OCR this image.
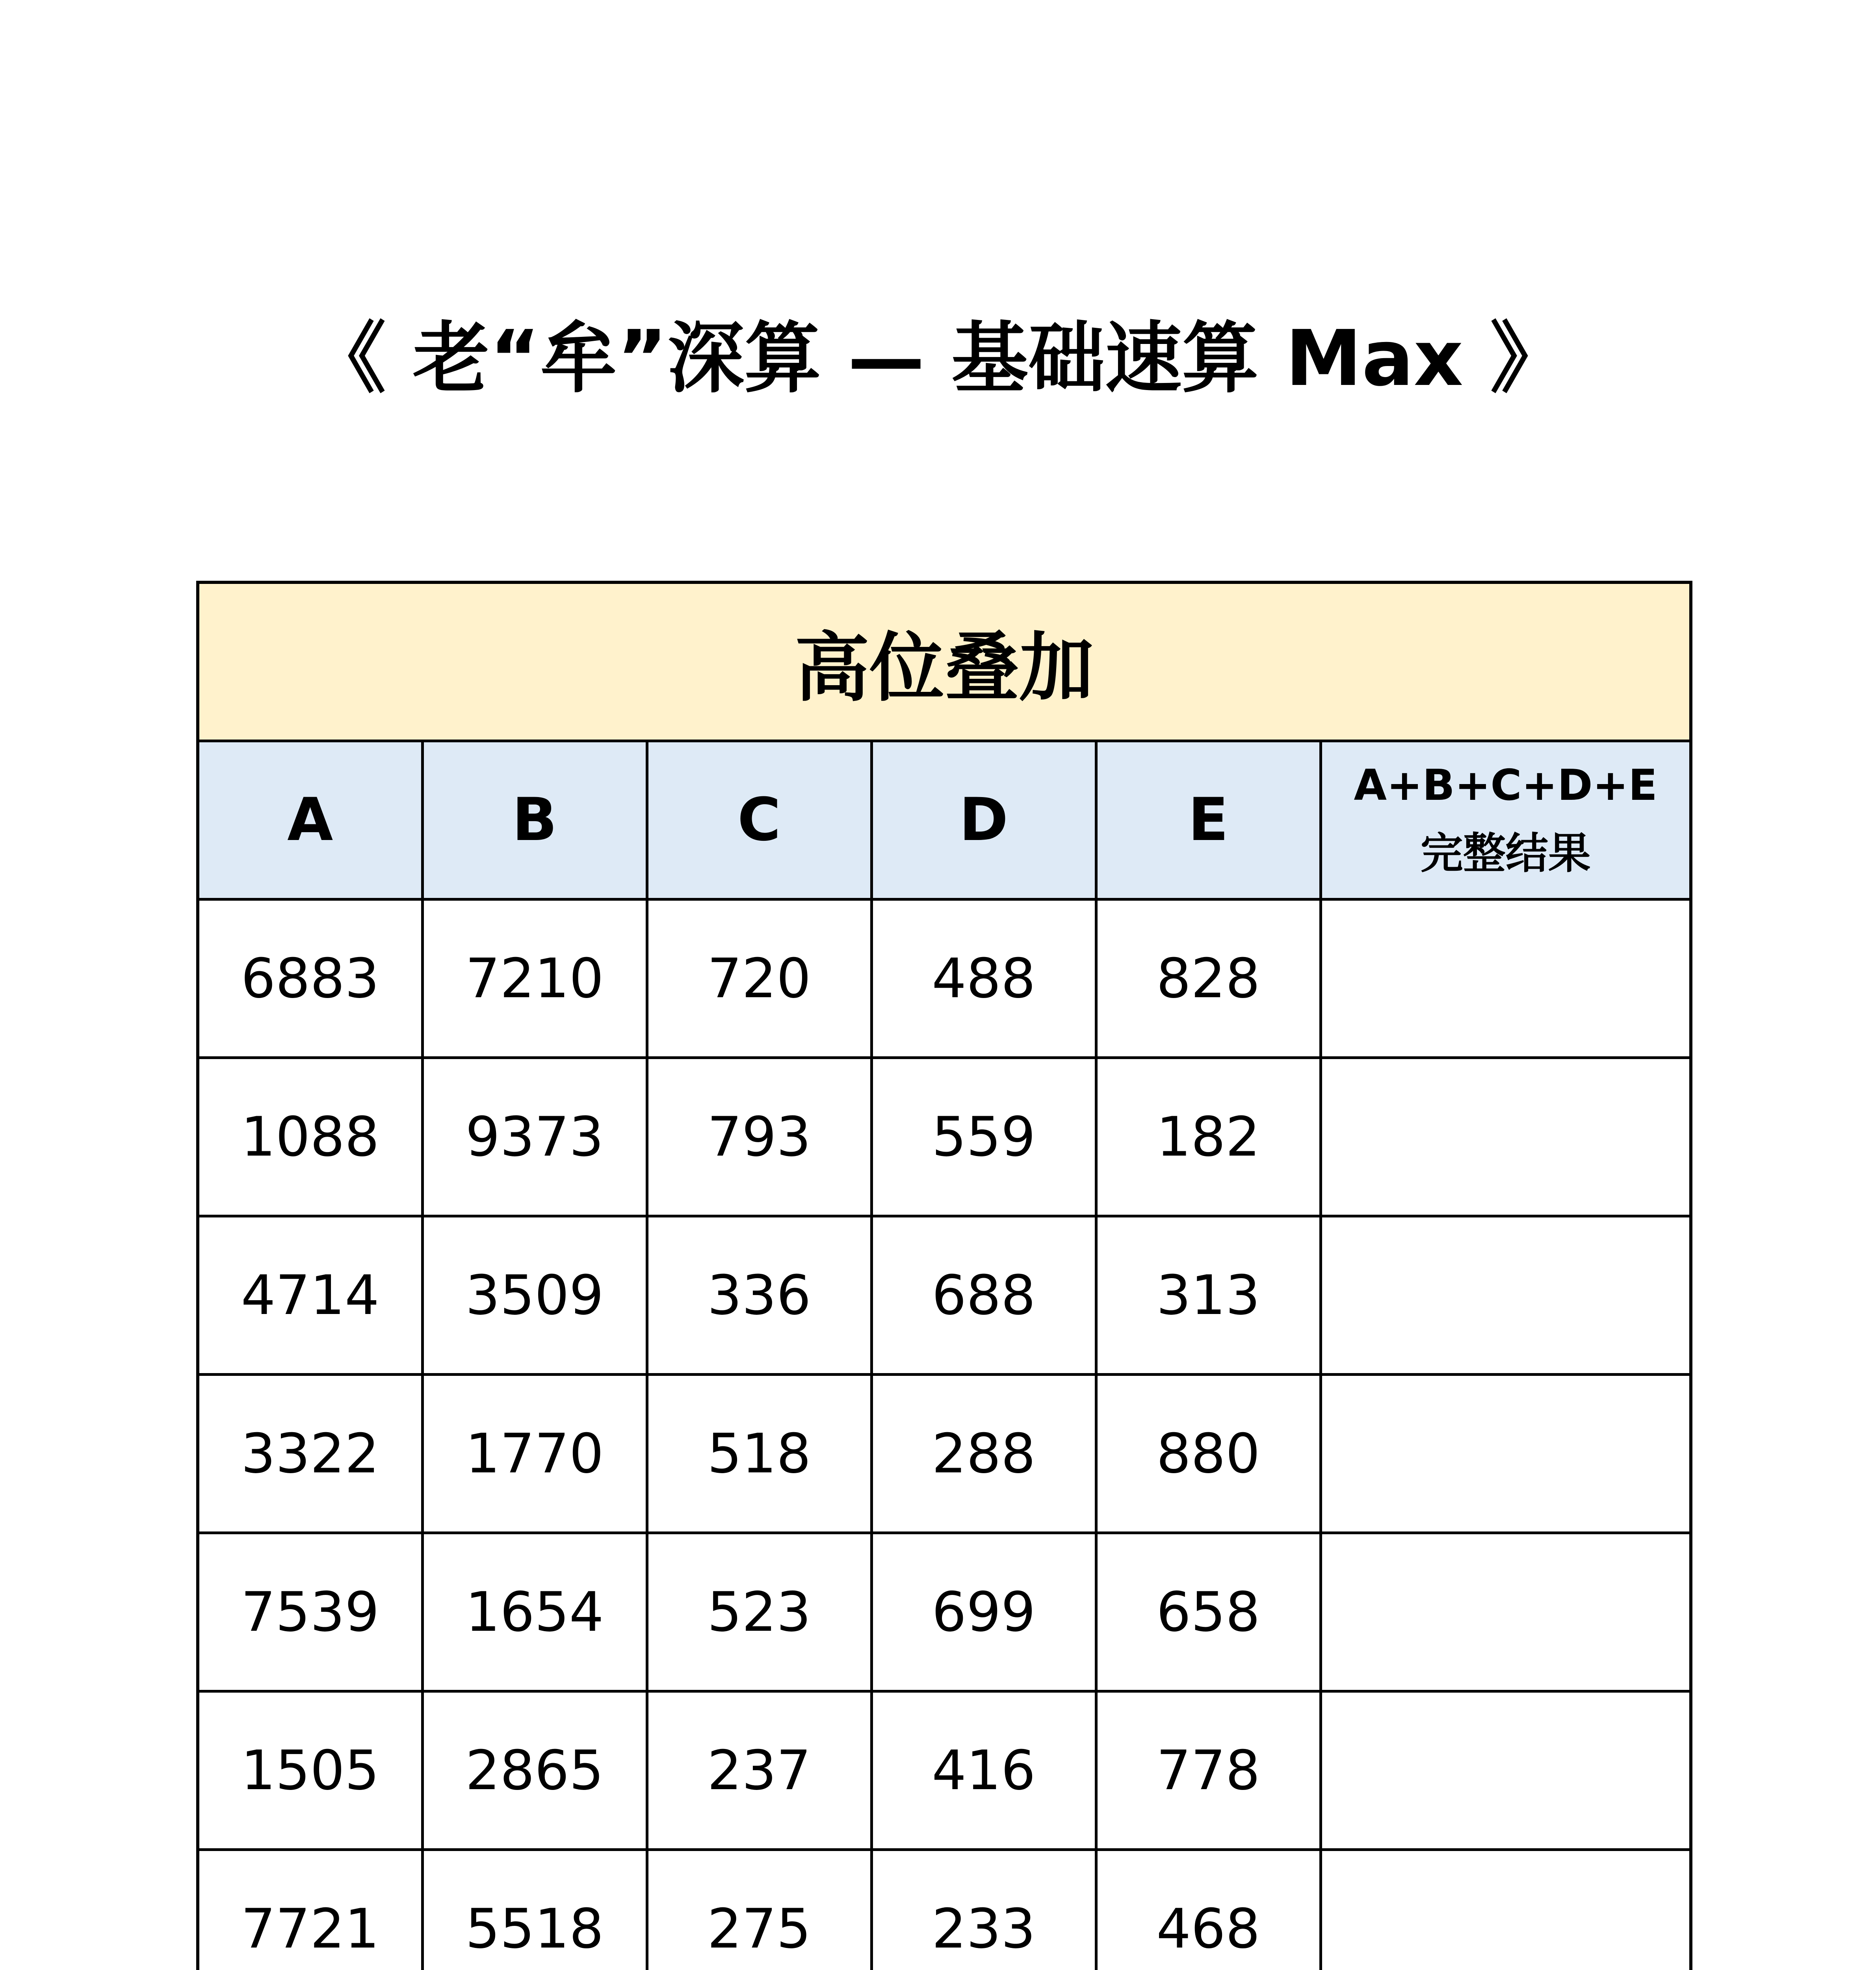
《 老“牟”深算 — 基础速算 Max 》
高位叠加					
A	B	C	D	E	A+B+C+D+E
完整结果

6883	7210	720	488	828	
1088	9373	793	559	182	
4714	3509	336	688	313	
3322	1770	518	288	880	
7539	1654	523	699	658	
1505	2865	237	416	778	
7721	5518	275	233	468	
